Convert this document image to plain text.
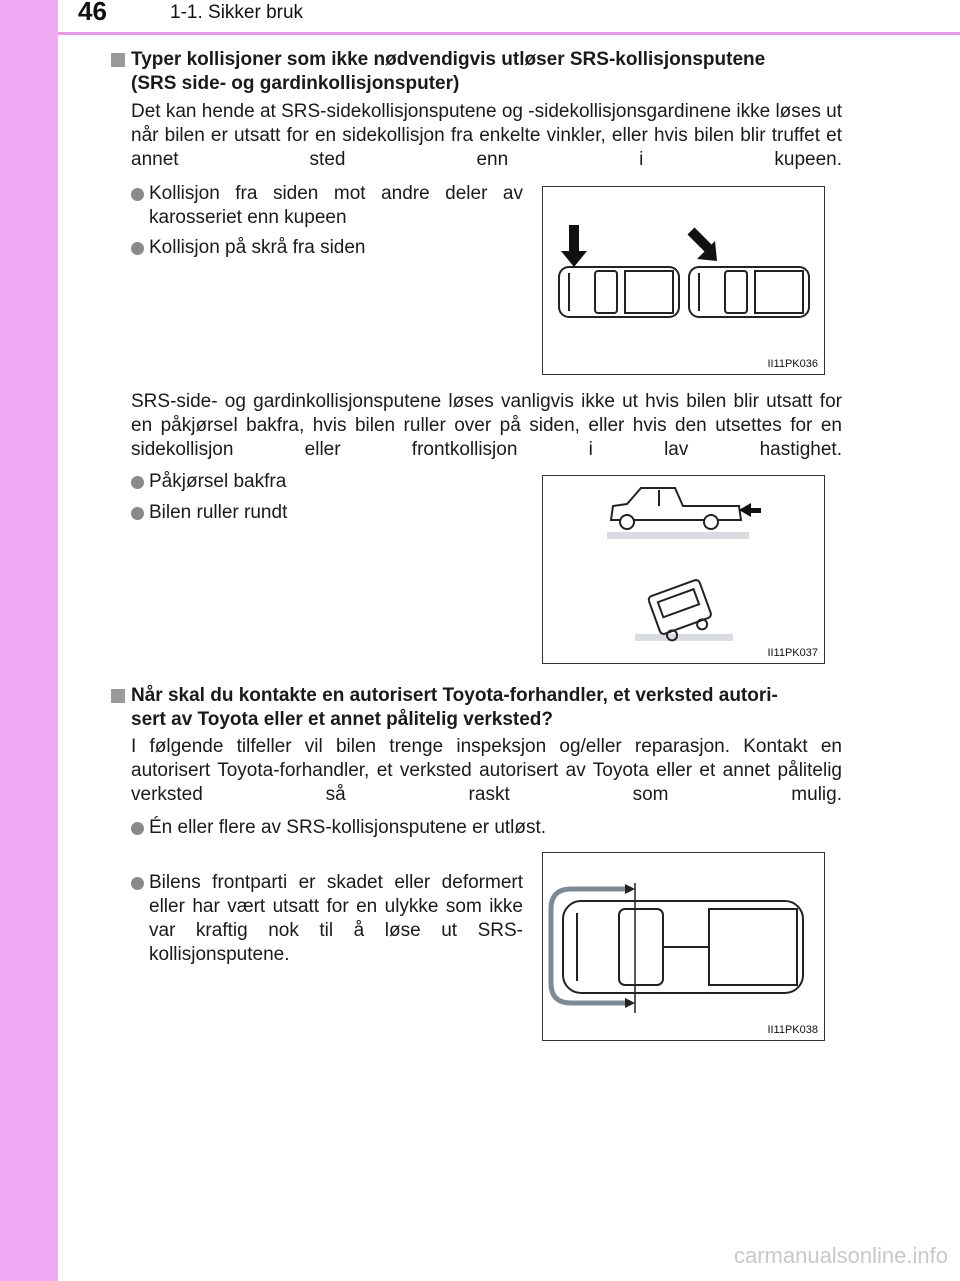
46	1-1. Sikker bruk
Typer kollisjoner som ikke nødvendigvis utløser SRS-kollisjonsputene
(SRS side- og gardinkollisjonsputer)
Det kan hende at SRS-sidekollisjonsputene og -sidekollisjonsgardinene ikke løses ut når bilen er utsatt for en sidekollisjon fra enkelte vinkler, eller hvis bilen blir truffet et annet sted enn i kupeen.
Kollisjon fra siden mot andre deler av karosseriet enn kupeen
Kollisjon på skrå fra siden
II11PK036
SRS-side- og gardinkollisjonsputene løses vanligvis ikke ut hvis bilen blir utsatt for en påkjørsel bakfra, hvis bilen ruller over på siden, eller hvis den utsettes for en sidekollisjon eller frontkollisjon i lav hastighet.
Påkjørsel bakfra
Bilen ruller rundt
II11PK037
Når skal du kontakte en autorisert Toyota-forhandler, et verksted autori-
sert av Toyota eller et annet pålitelig verksted?
I følgende tilfeller vil bilen trenge inspeksjon og/eller reparasjon. Kontakt en autorisert Toyota-forhandler, et verksted autorisert av Toyota eller et annet pålitelig verksted så raskt som mulig.
Én eller flere av SRS-kollisjonsputene er utløst.
Bilens frontparti er skadet eller deformert eller har vært utsatt for en ulykke som ikke var kraftig nok til å løse ut SRS-kollisjonsputene.
II11PK038
carmanualsonline.info
